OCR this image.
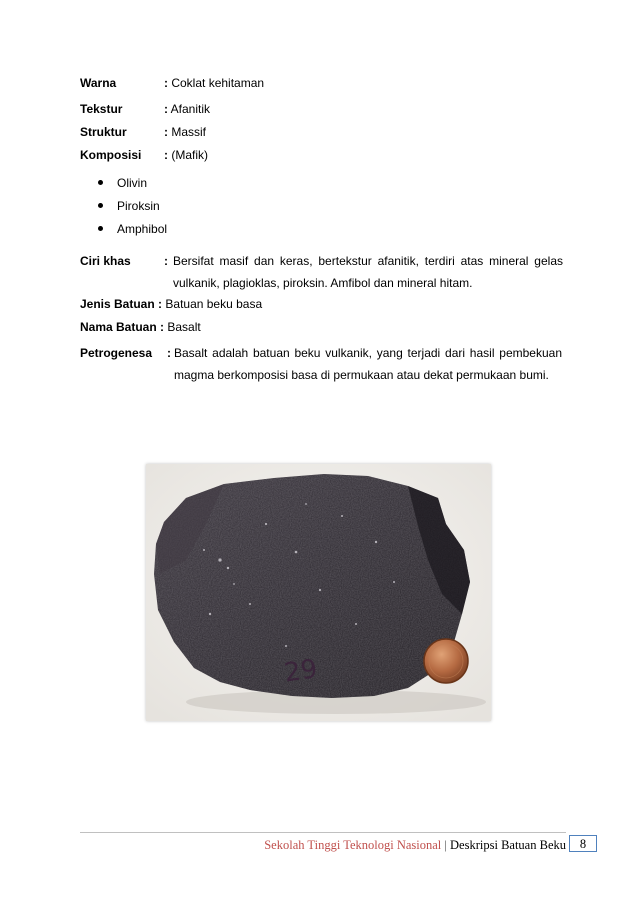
Warna	: Coklat kehitaman
Tekstur	: Afanitik
Struktur	: Massif
Komposisi : (Mafik)
Olivin
Piroksin
Amphibol
Ciri khas	: Bersifat masif dan keras, bertekstur afanitik, terdiri atas mineral gelas vulkanik, plagioklas, piroksin. Amfibol dan mineral hitam.
Jenis Batuan : Batuan beku basa
Nama Batuan : Basalt
Petrogenesa : Basalt adalah batuan beku vulkanik, yang terjadi dari hasil pembekuan magma berkomposisi basa di permukaan atau dekat permukaan bumi.
29
Sekolah Tinggi Teknologi Nasional | Deskripsi Batuan Beku	8
